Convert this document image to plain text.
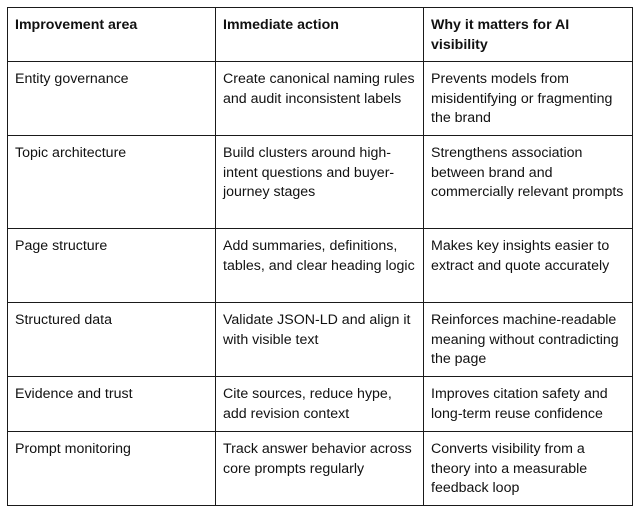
Improvement area	Immediate action	Why it matters for AI visibility
Entity governance	Create canonical naming rules and audit inconsistent labels	Prevents models from misidentifying or fragmenting the brand
Topic architecture	Build clusters around high-intent questions and buyer-journey stages	Strengthens association between brand and commercially relevant prompts
Page structure	Add summaries, definitions, tables, and clear heading logic	Makes key insights easier to extract and quote accurately
Structured data	Validate JSON-LD and align it with visible text	Reinforces machine-readable meaning without contradicting the page
Evidence and trust	Cite sources, reduce hype, add revision context	Improves citation safety and long-term reuse confidence
Prompt monitoring	Track answer behavior across core prompts regularly	Converts visibility from a theory into a measurable feedback loop
